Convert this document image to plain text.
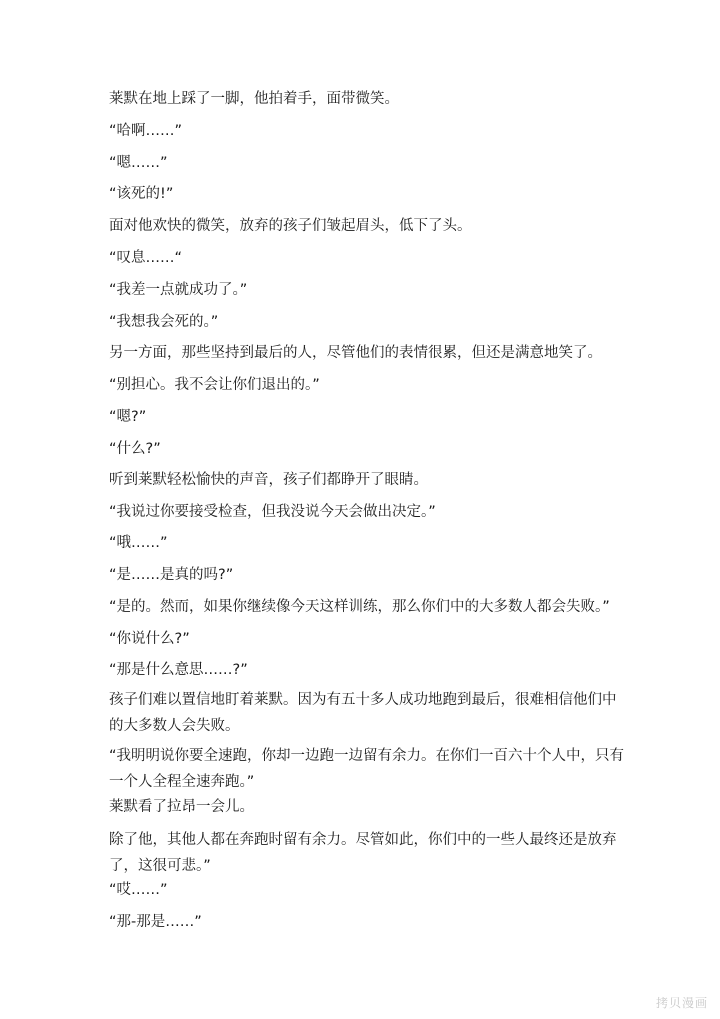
莱默在地上踩了一脚，他拍着手，面带微笑。

“哈啊……”

“嗯……”

“该死的!”

面对他欢快的微笑，放弃的孩子们皱起眉头，低下了头。

“叹息……“

“我差一点就成功了。”

“我想我会死的。”

另一方面，那些坚持到最后的人，尽管他们的表情很累，但还是满意地笑了。

“别担心。我不会让你们退出的。”

“嗯?”

“什么?”

听到莱默轻松愉快的声音，孩子们都睁开了眼睛。

“我说过你要接受检查，但我没说今天会做出决定。”

“哦……”

“是……是真的吗?”

“是的。然而，如果你继续像今天这样训练，那么你们中的大多数人都会失败。”

“你说什么?”

“那是什么意思……?”

孩子们难以置信地盯着莱默。因为有五十多人成功地跑到最后，很难相信他们中的大多数人会失败。

“我明明说你要全速跑，你却一边跑一边留有余力。在你们一百六十个人中，只有一个人全程全速奔跑。”

莱默看了拉昂一会儿。

除了他，其他人都在奔跑时留有余力。尽管如此，你们中的一些人最终还是放弃了，这很可悲。”

“哎……”

“那-那是……”

拷贝漫画
